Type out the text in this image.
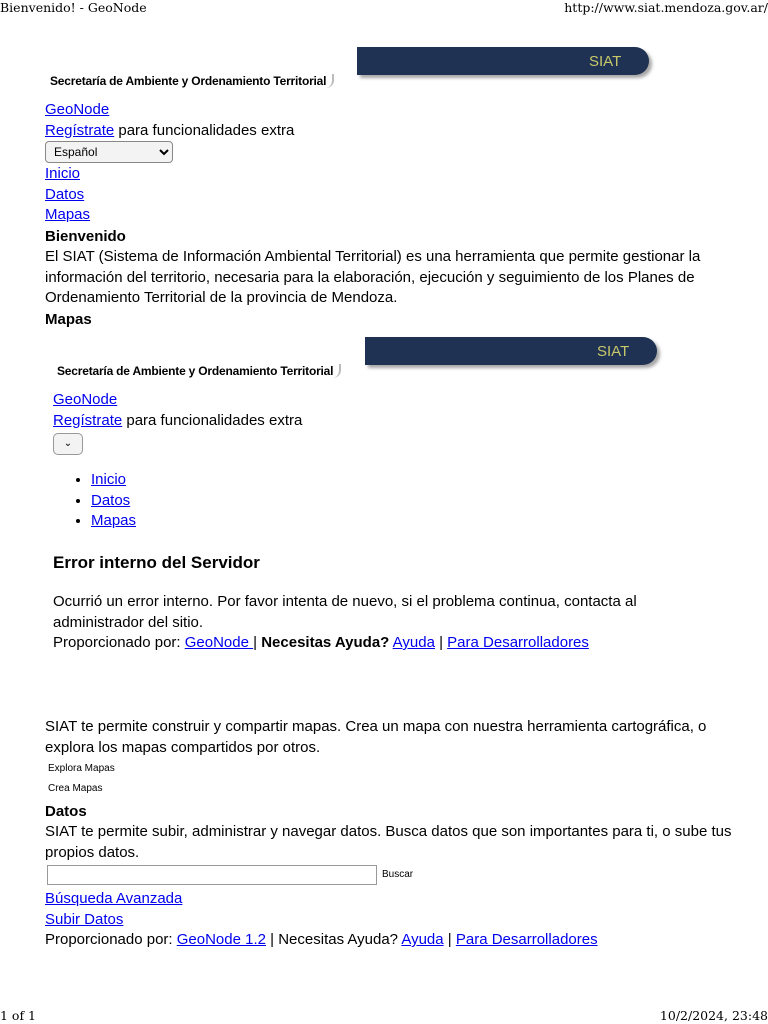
Bienvenido! - GeoNode	http://www.siat.mendoza.gov.ar/
SIAT
Secretaría de Ambiente y Ordenamiento Territorial
GeoNode
Regístrate para funcionalidades extra
Español
Inicio
Datos
Mapas
Bienvenido
El SIAT (Sistema de Información Ambiental Territorial) es una herramienta que permite gestionar la información del territorio, necesaria para la elaboración, ejecución y seguimiento de los Planes de Ordenamiento Territorial de la provincia de Mendoza.
Mapas
SIAT
Secretaría de Ambiente y Ordenamiento Territorial
GeoNode
Regístrate para funcionalidades extra
⌄
• Inicio
• Datos
• Mapas
Error interno del Servidor
Ocurrió un error interno. Por favor intenta de nuevo, si el problema continua, contacta al administrador del sitio.
Proporcionado por: GeoNode | Necesitas Ayuda? Ayuda | Para Desarrolladores
SIAT te permite construir y compartir mapas. Crea un mapa con nuestra herramienta cartográfica, o explora los mapas compartidos por otros.
Explora Mapas
Crea Mapas
Datos
SIAT te permite subir, administrar y navegar datos. Busca datos que son importantes para ti, o sube tus propios datos.
Buscar
Búsqueda Avanzada
Subir Datos
Proporcionado por: GeoNode 1.2 | Necesitas Ayuda? Ayuda | Para Desarrolladores
1 of 1	10/2/2024, 23:48
